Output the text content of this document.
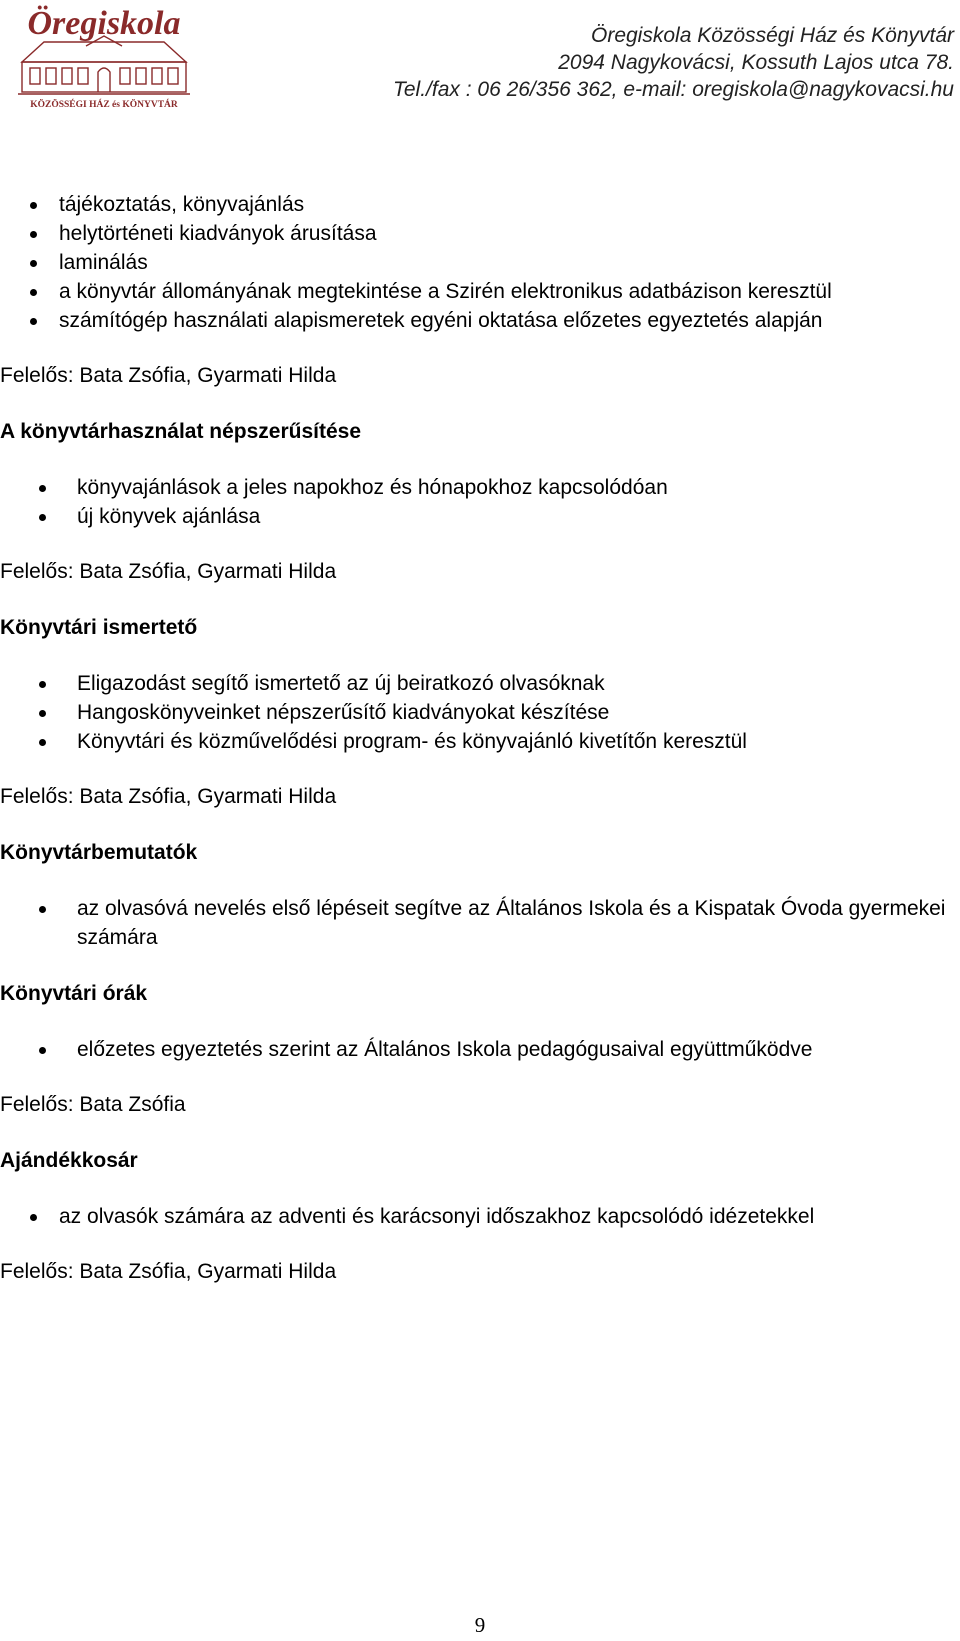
Öregiskola
KÖZÖSSÉGI HÁZ és KÖNYVTÁR
Öregiskola Közösségi Ház és Könyvtár
2094 Nagykovácsi, Kossuth Lajos utca 78.
Tel./fax : 06 26/356 362, e-mail: oregiskola@nagykovacsi.hu
tájékoztatás, könyvajánlás
helytörténeti kiadványok árusítása
laminálás
a könyvtár állományának megtekintése a Szirén elektronikus adatbázison keresztül
számítógép használati alapismeretek egyéni oktatása előzetes egyeztetés alapján

Felelős: Bata Zsófia, Gyarmati Hilda

A könyvtárhasználat népszerűsítése

könyvajánlások a jeles napokhoz és hónapokhoz kapcsolódóan
új könyvek ajánlása

Felelős: Bata Zsófia, Gyarmati Hilda

Könyvtári ismertető

Eligazodást segítő ismertető az új beiratkozó olvasóknak
Hangoskönyveinket népszerűsítő kiadványokat készítése
Könyvtári és közművelődési program- és könyvajánló kivetítőn keresztül

Felelős: Bata Zsófia, Gyarmati Hilda

Könyvtárbemutatók

az olvasóvá nevelés első lépéseit segítve az Általános Iskola és a Kispatak Óvoda gyermekei számára

Könyvtári órák

előzetes egyeztetés szerint az Általános Iskola pedagógusaival együttműködve

Felelős: Bata Zsófia

Ajándékkosár

az olvasók számára az adventi és karácsonyi időszakhoz kapcsolódó idézetekkel

Felelős: Bata Zsófia, Gyarmati Hilda

9
